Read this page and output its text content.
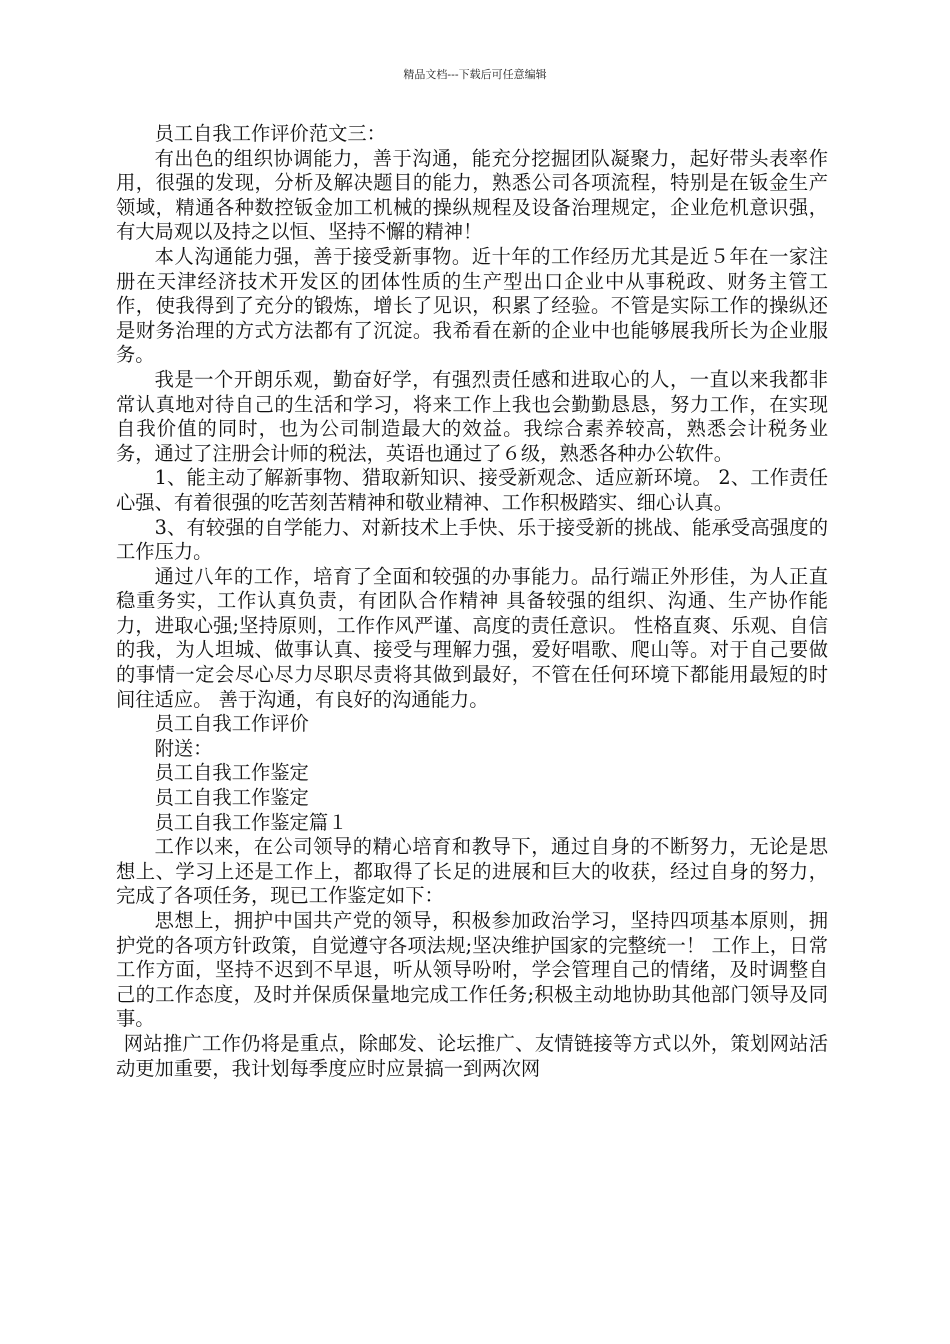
精品文档---下载后可任意编辑

员工自我工作评价范文三：

有出色的组织协调能力，善于沟通，能充分挖掘团队凝聚力，起好带头表率作用，很强的发现，分析及解决题目的能力，熟悉公司各项流程，特别是在钣金生产领域，精通各种数控钣金加工机械的操纵规程及设备治理规定，企业危机意识强，有大局观以及持之以恒、坚持不懈的精神！

本人沟通能力强，善于接受新事物。近十年的工作经历尤其是近５年在一家注册在天津经济技术开发区的团体性质的生产型出口企业中从事税政、财务主管工作，使我得到了充分的锻炼，增长了见识，积累了经验。不管是实际工作的操纵还是财务治理的方式方法都有了沉淀。我希看在新的企业中也能够展我所长为企业服务。

我是一个开朗乐观，勤奋好学，有强烈责任感和进取心的人，一直以来我都非常认真地对待自己的生活和学习，将来工作上我也会勤勤恳恳，努力工作，在实现自我价值的同时，也为公司制造最大的效益。我综合素养较高，熟悉会计税务业务，通过了注册会计师的税法，英语也通过了６级，熟悉各种办公软件。

1、能主动了解新事物、猎取新知识、接受新观念、适应新环境。 2、工作责任心强、有着很强的吃苦刻苦精神和敬业精神、工作积极踏实、细心认真。

3、有较强的自学能力、对新技术上手快、乐于接受新的挑战、能承受高强度的工作压力。

通过八年的工作，培育了全面和较强的办事能力。品行端正外形佳，为人正直稳重务实，工作认真负责，有团队合作精神 具备较强的组织、沟通、生产协作能力，进取心强;坚持原则，工作作风严谨、高度的责任意识。 性格直爽、乐观、自信的我，为人坦城、做事认真、接受与理解力强，爱好唱歌、爬山等。对于自己要做的事情一定会尽心尽力尽职尽责将其做到最好，不管在任何环境下都能用最短的时间往适应。 善于沟通，有良好的沟通能力。

员工自我工作评价

附送：

员工自我工作鉴定

员工自我工作鉴定

员工自我工作鉴定篇１

工作以来，在公司领导的精心培育和教导下，通过自身的不断努力，无论是思想上、学习上还是工作上，都取得了长足的进展和巨大的收获，经过自身的努力，完成了各项任务，现已工作鉴定如下：

思想上，拥护中国共产党的领导，积极参加政治学习，坚持四项基本原则，拥护党的各项方针政策，自觉遵守各项法规;坚决维护国家的完整统一！ 工作上，日常工作方面，坚持不迟到不早退，听从领导吩咐，学会管理自己的情绪，及时调整自己的工作态度，及时并保质保量地完成工作任务;积极主动地协助其他部门领导及同事。

网站推广工作仍将是重点，除邮发、论坛推广、友情链接等方式以外，策划网站活动更加重要，我计划每季度应时应景搞一到两次网
